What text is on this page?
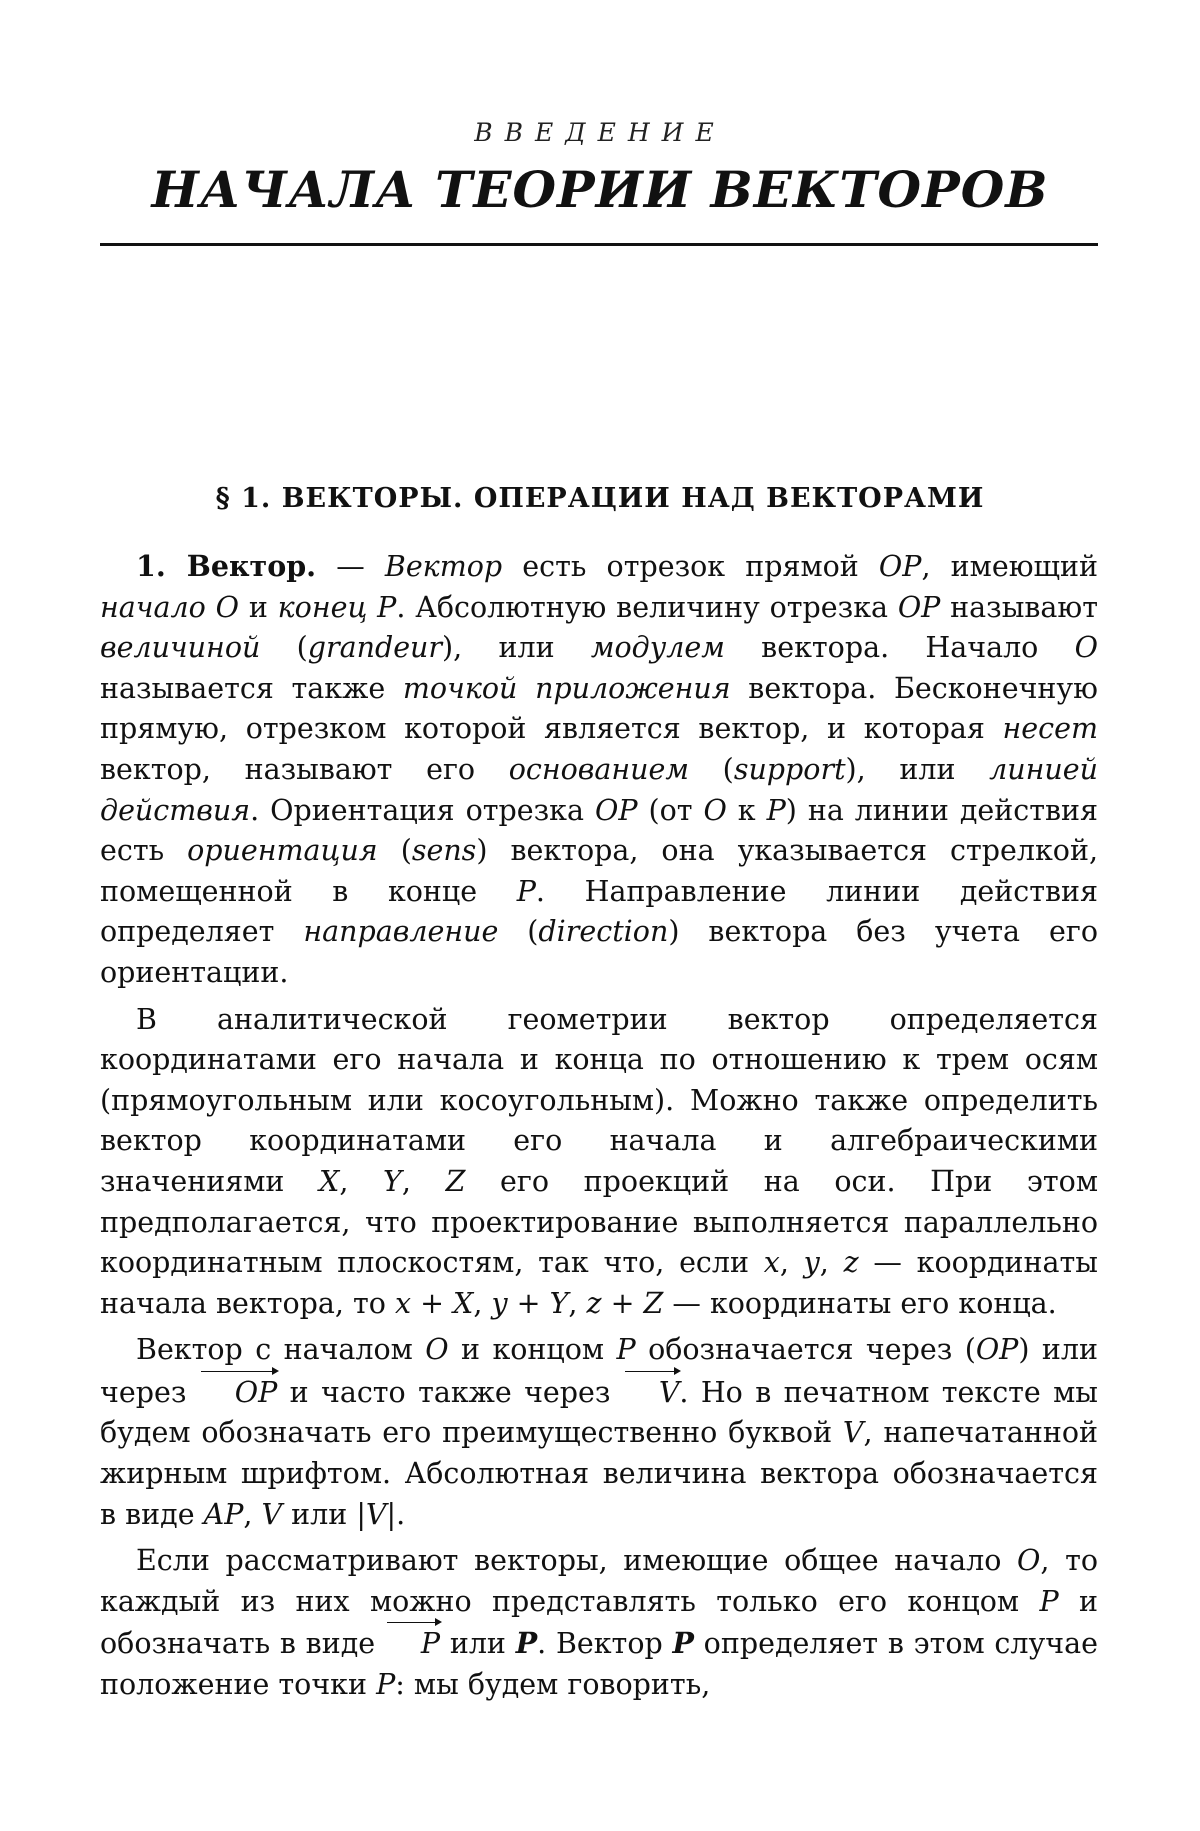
ВВЕДЕНИЕ
НАЧАЛА ТЕОРИИ ВЕКТОРОВ
§ 1. ВЕКТОРЫ. ОПЕРАЦИИ НАД ВЕКТОРАМИ

1. Вектор. — Вектор есть отрезок прямой OP, имеющий начало O и конец P. Абсолютную величину отрезка OP называют величиной (grandeur), или модулем вектора. Начало O называется также точкой приложения вектора. Бесконечную прямую, отрезком которой является вектор, и которая несет вектор, называют его основанием (support), или линией действия. Ориентация отрезка OP (от O к P) на линии действия есть ориентация (sens) вектора, она указывается стрелкой, помещенной в конце P. Направление линии действия определяет направление (direction) вектора без учета его ориентации.

В аналитической геометрии вектор определяется координатами его начала и конца по отношению к трем осям (прямоугольным или косоугольным). Можно также определить вектор координатами его начала и алгебраическими значениями X, Y, Z его проекций на оси. При этом предполагается, что проектирование выполняется параллельно координатным плоскостям, так что, если x, y, z — координаты начала вектора, то x + X, y + Y, z + Z — координаты его конца.

Вектор с началом O и концом P обозначается через (OP) или через OP и часто также через V. Но в печатном тексте мы будем обозначать его преимущественно буквой V, напечатанной жирным шрифтом. Абсолютная величина вектора обозначается в виде AP, V или |V|.

Если рассматривают векторы, имеющие общее начало O, то каждый из них можно представлять только его концом P и обозначать в виде P или P. Вектор P определяет в этом случае положение точки P: мы будем говорить,
